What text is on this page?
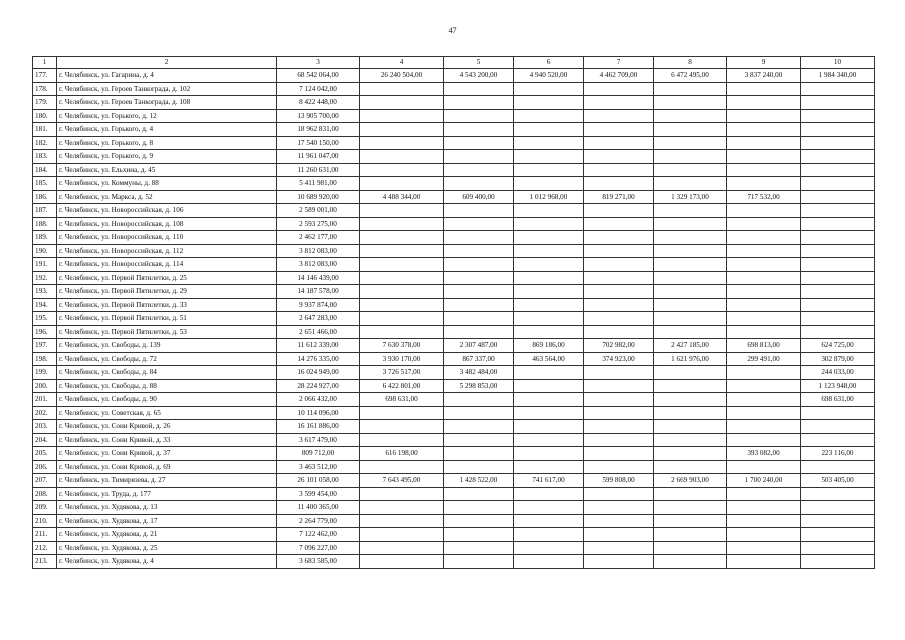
47
1	2	3	4	5	6	7	8	9	10
177.	г. Челябинск, ул. Гагарина, д. 4	68 542 064,00	26 240 504,00	4 543 200,00	4 940 520,00	4 462 709,00	6 472 495,00	3 837 240,00	1 984 340,00
178.	г. Челябинск, ул. Героев Танкограда, д. 102	7 124 042,00							
179.	г. Челябинск, ул. Героев Танкограда, д. 108	8 422 448,00							
180.	г. Челябинск, ул. Горького, д. 12	13 905 700,00							
181.	г. Челябинск, ул. Горького, д. 4	18 962 831,00							
182.	г. Челябинск, ул. Горького, д. 8	17 540 150,00							
183.	г. Челябинск, ул. Горького, д. 9	11 961 047,00							
184.	г. Челябинск, ул. Ельхина, д. 45	11 260 631,00							
185.	г. Челябинск, ул. Коммуны, д. 88	5 411 981,00							
186.	г. Челябинск, ул. Маркса, д. 52	10 689 920,00	4 488 344,00	609 400,00	1 012 968,00	819 271,00	1 329 173,00	717 532,00	
187.	г. Челябинск, ул. Новороссийская, д. 106	2 589 001,00							
188.	г. Челябинск, ул. Новороссийская, д. 108	2 593 275,00							
189.	г. Челябинск, ул. Новороссийская, д. 110	2 462 177,00							
190.	г. Челябинск, ул. Новороссийская, д. 112	3 812 083,00							
191.	г. Челябинск, ул. Новороссийская, д. 114	3 812 083,00							
192.	г. Челябинск, ул. Первой Пятилетки, д. 25	14 146 439,00							
193.	г. Челябинск, ул. Первой Пятилетки, д. 29	14 187 578,00							
194.	г. Челябинск, ул. Первой Пятилетки, д. 33	9 937 874,00							
195.	г. Челябинск, ул. Первой Пятилетки, д. 51	2 647 283,00							
196.	г. Челябинск, ул. Первой Пятилетки, д. 53	2 651 466,00							
197.	г. Челябинск, ул. Свободы, д. 139	11 612 339,00	7 630 378,00	2 307 487,00	869 186,00	702 982,00	2 427 185,00	698 813,00	624 725,00
198.	г. Челябинск, ул. Свободы, д. 72	14 276 335,00	3 930 170,00	867 337,00	463 564,00	374 923,00	1 621 976,00	299 491,00	302 879,00
199.	г. Челябинск, ул. Свободы, д. 84	16 024 949,00	3 726 517,00	3 482 484,00					244 033,00
200.	г. Челябинск, ул. Свободы, д. 88	28 224 927,00	6 422 801,00	5 298 853,00					1 123 948,00
201.	г. Челябинск, ул. Свободы, д. 90	2 066 432,00	698 631,00						698 631,00
202.	г. Челябинск, ул. Советская, д. 65	10 114 096,00							
203.	г. Челябинск, ул. Сони Кривой, д. 26	16 161 886,00							
204.	г. Челябинск, ул. Сони Кривой, д. 33	3 617 479,00							
205.	г. Челябинск, ул. Сони Кривой, д. 37	809 712,00	616 198,00					393 082,00	223 116,00
206.	г. Челябинск, ул. Сони Кривой, д. 69	3 463 512,00							
207.	г. Челябинск, ул. Тимирязева, д. 27	26 101 058,00	7 643 495,00	1 428 522,00	741 617,00	599 808,00	2 669 903,00	1 700 240,00	503 405,00
208.	г. Челябинск, ул. Труда, д. 177	3 599 454,00							
209.	г. Челябинск, ул. Худякова, д. 13	11 400 365,00							
210.	г. Челябинск, ул. Худякова, д. 17	2 264 779,00							
211.	г. Челябинск, ул. Худякова, д. 21	7 122 462,00							
212.	г. Челябинск, ул. Худякова, д. 25	7 096 227,00							
213.	г. Челябинск, ул. Худякова, д. 4	3 683 585,00							
